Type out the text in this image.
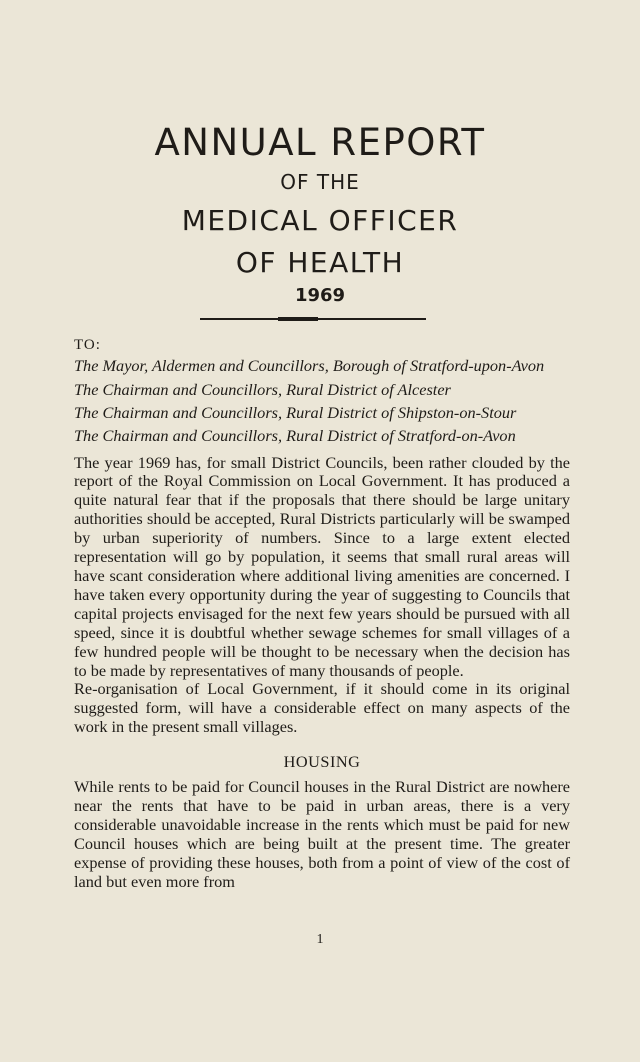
ANNUAL REPORT
OF THE
MEDICAL OFFICER
OF HEALTH
1969
TO:
The Mayor, Aldermen and Councillors, Borough of Stratford-upon-Avon
The Chairman and Councillors, Rural District of Alcester
The Chairman and Councillors, Rural District of Shipston-on-Stour
The Chairman and Councillors, Rural District of Stratford-on-Avon

The year 1969 has, for small District Councils, been rather clouded by the report of the Royal Commission on Local Government. It has produced a quite natural fear that if the proposals that there should be large unitary authorities should be accepted, Rural Districts particularly will be swamped by urban superiority of numbers. Since to a large extent elected representation will go by population, it seems that small rural areas will have scant consideration where additional living amenities are concerned. I have taken every opportunity during the year of suggesting to Councils that capital projects envisaged for the next few years should be pursued with all speed, since it is doubtful whether sewage schemes for small villages of a few hundred people will be thought to be necessary when the decision has to be made by representatives of many thousands of people.

Re-organisation of Local Government, if it should come in its original suggested form, will have a considerable effect on many aspects of the work in the present small villages.

HOUSING

While rents to be paid for Council houses in the Rural District are nowhere near the rents that have to be paid in urban areas, there is a very considerable unavoidable increase in the rents which must be paid for new Council houses which are being built at the present time. The greater expense of providing these houses, both from a point of view of the cost of land but even more from

1
